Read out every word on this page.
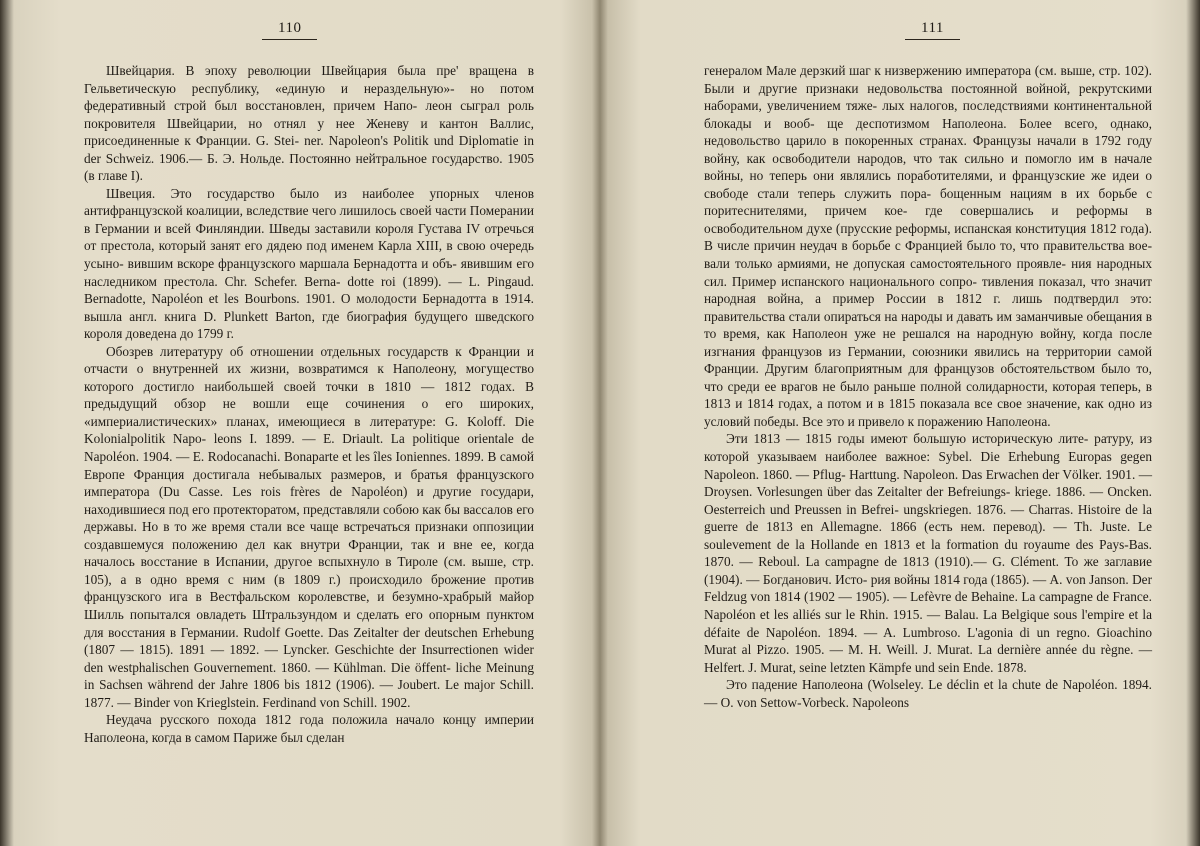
110

Швейцария. В эпоху революции Швейцария была пре' вращена в Гельветическую республику, «единую и нераздельную»- но потом федеративный строй был восстановлен, причем Напо- леон сыграл роль покровителя Швейцарии, но отнял у нее Женеву и кантон Валлис, присоединенные к Франции. G. Stei- ner. Napoleon's Politik und Diplomatie in der Schweiz. 1906.— Б. Э. Нольде. Постоянно нейтральное государство. 1905 (в главе I).

Швеция. Это государство было из наиболее упорных членов антифранцузской коалиции, вследствие чего лишилось своей части Померании в Германии и всей Финляндии. Шведы заставили короля Густава IV отречься от престола, который занят его дядею под именем Карла XIII, в свою очередь усыно- вившим вскоре французского маршала Бернадотта и объ- явившим его наследником престола. Chr. Schefer. Berna- dotte roi (1899). — L. Pingaud. Bernadotte, Napoléon et les Bourbons. 1901. О молодости Бернадотта в 1914. вышла англ. книга D. Plunkett Barton, где биография будущего шведского короля доведена до 1799 г.

Обозрев литературу об отношении отдельных государств к Франции и отчасти о внутренней их жизни, возвратимся к Наполеону, могущество которого достигло наибольшей своей точки в 1810 — 1812 годах. В предыдущий обзор не вошли еще сочинения о его широких, «империалистических» планах, имеющиеся в литературе: G. Koloff. Die Kolonialpolitik Napo- leons I. 1899. — E. Driault. La politique orientale de Napoléon. 1904. — E. Rodocanachi. Bonaparte et les îles Ioniennes. 1899. В самой Европе Франция достигала небывалых размеров, и братья французского императора (Du Casse. Les rois frères de Napoléon) и другие государи, находившиеся под его протекторатом, представляли собою как бы вассалов его державы. Но в то же время стали все чаще встречаться признаки оппозиции создавшемуся положению дел как внутри Франции, так и вне ее, когда началось восстание в Испании, другое вспыхнуло в Тироле (см. выше, стр. 105), а в одно время с ним (в 1809 г.) происходило брожение против французского ига в Вестфальском королевстве, и безумно-храбрый майор Шилль попытался овладеть Штральзундом и сделать его опорным пунктом для восстания в Германии. Rudolf Goette. Das Zeitalter der deutschen Erhebung (1807 — 1815). 1891 — 1892. — Lyncker. Geschichte der Insurrectionen wider den westphalischen Gouvernement. 1860. — Kühlman. Die öffent- liche Meinung in Sachsen während der Jahre 1806 bis 1812 (1906). — Joubert. Le major Schill. 1877. — Binder von Krieglstein. Ferdinand von Schill. 1902.

Неудача русского похода 1812 года положила начало концу империи Наполеона, когда в самом Париже был сделан

111

генералом Мале дерзкий шаг к низвержению императора (см. выше, стр. 102). Были и другие признаки недовольства постоянной войной, рекрутскими наборами, увеличением тяже- лых налогов, последствиями континентальной блокады и вооб- ще деспотизмом Наполеона. Более всего, однако, недовольство царило в покоренных странах. Французы начали в 1792 году войну, как освободители народов, что так сильно и помогло им в начале войны, но теперь они являлись поработителями, и французские же идеи о свободе стали теперь служить пора- бощенным нациям в их борьбе с поритеснителями, причем кое- где совершались и реформы в освободительном духе (прусские реформы, испанская конституция 1812 года). В числе причин неудач в борьбе с Францией было то, что правительства вое- вали только армиями, не допуская самостоятельного проявле- ния народных сил. Пример испанского национального сопро- тивления показал, что значит народная война, а пример России в 1812 г. лишь подтвердил это: правительства стали опираться на народы и давать им заманчивые обещания в то время, как Наполеон уже не решался на народную войну, когда после изгнания французов из Германии, союзники явились на территории самой Франции. Другим благоприятным для французов обстоятельством было то, что среди ее врагов не было раньше полной солидарности, которая теперь, в 1813 и 1814 годах, а потом и в 1815 показала все свое значение, как одно из условий победы. Все это и привело к поражению Наполеона.

Эти 1813 — 1815 годы имеют большую историческую лите- ратуру, из которой указываем наиболее важное: Sybel. Die Erhebung Europas gegen Napoleon. 1860. — Pflug- Harttung. Napoleon. Das Erwachen der Völker. 1901. — Droysen. Vorlesungen über das Zeitalter der Befreiungs- kriege. 1886. — Oncken. Oesterreich und Preussen in Befrei- ungskriegen. 1876. — Charras. Histoire de la guerre de 1813 en Allemagne. 1866 (есть нем. перевод). — Th. Juste. Le soulevement de la Hollande en 1813 et la formation du royaume des Pays-Bas. 1870. — Reboul. La campagne de 1813 (1910).— G. Clément. То же заглавие (1904). — Богданович. Исто- рия войны 1814 года (1865). — A. von Janson. Der Feldzug von 1814 (1902 — 1905). — Lefèvre de Behaine. La campagne de France. Napoléon et les alliés sur le Rhin. 1915. — Balau. La Belgique sous l'empire et la défaite de Napoléon. 1894. — A. Lumbroso. L'agonia di un regno. Gioachino Murat al Pizzo. 1905. — M. H. Weill. J. Murat. La dernière année du règne. — Helfert. J. Murat, seine letzten Kämpfe und sein Ende. 1878.

Это падение Наполеона (Wolseley. Le déclin et la chute de Napoléon. 1894. — O. von Settow-Vorbeck. Napoleons
